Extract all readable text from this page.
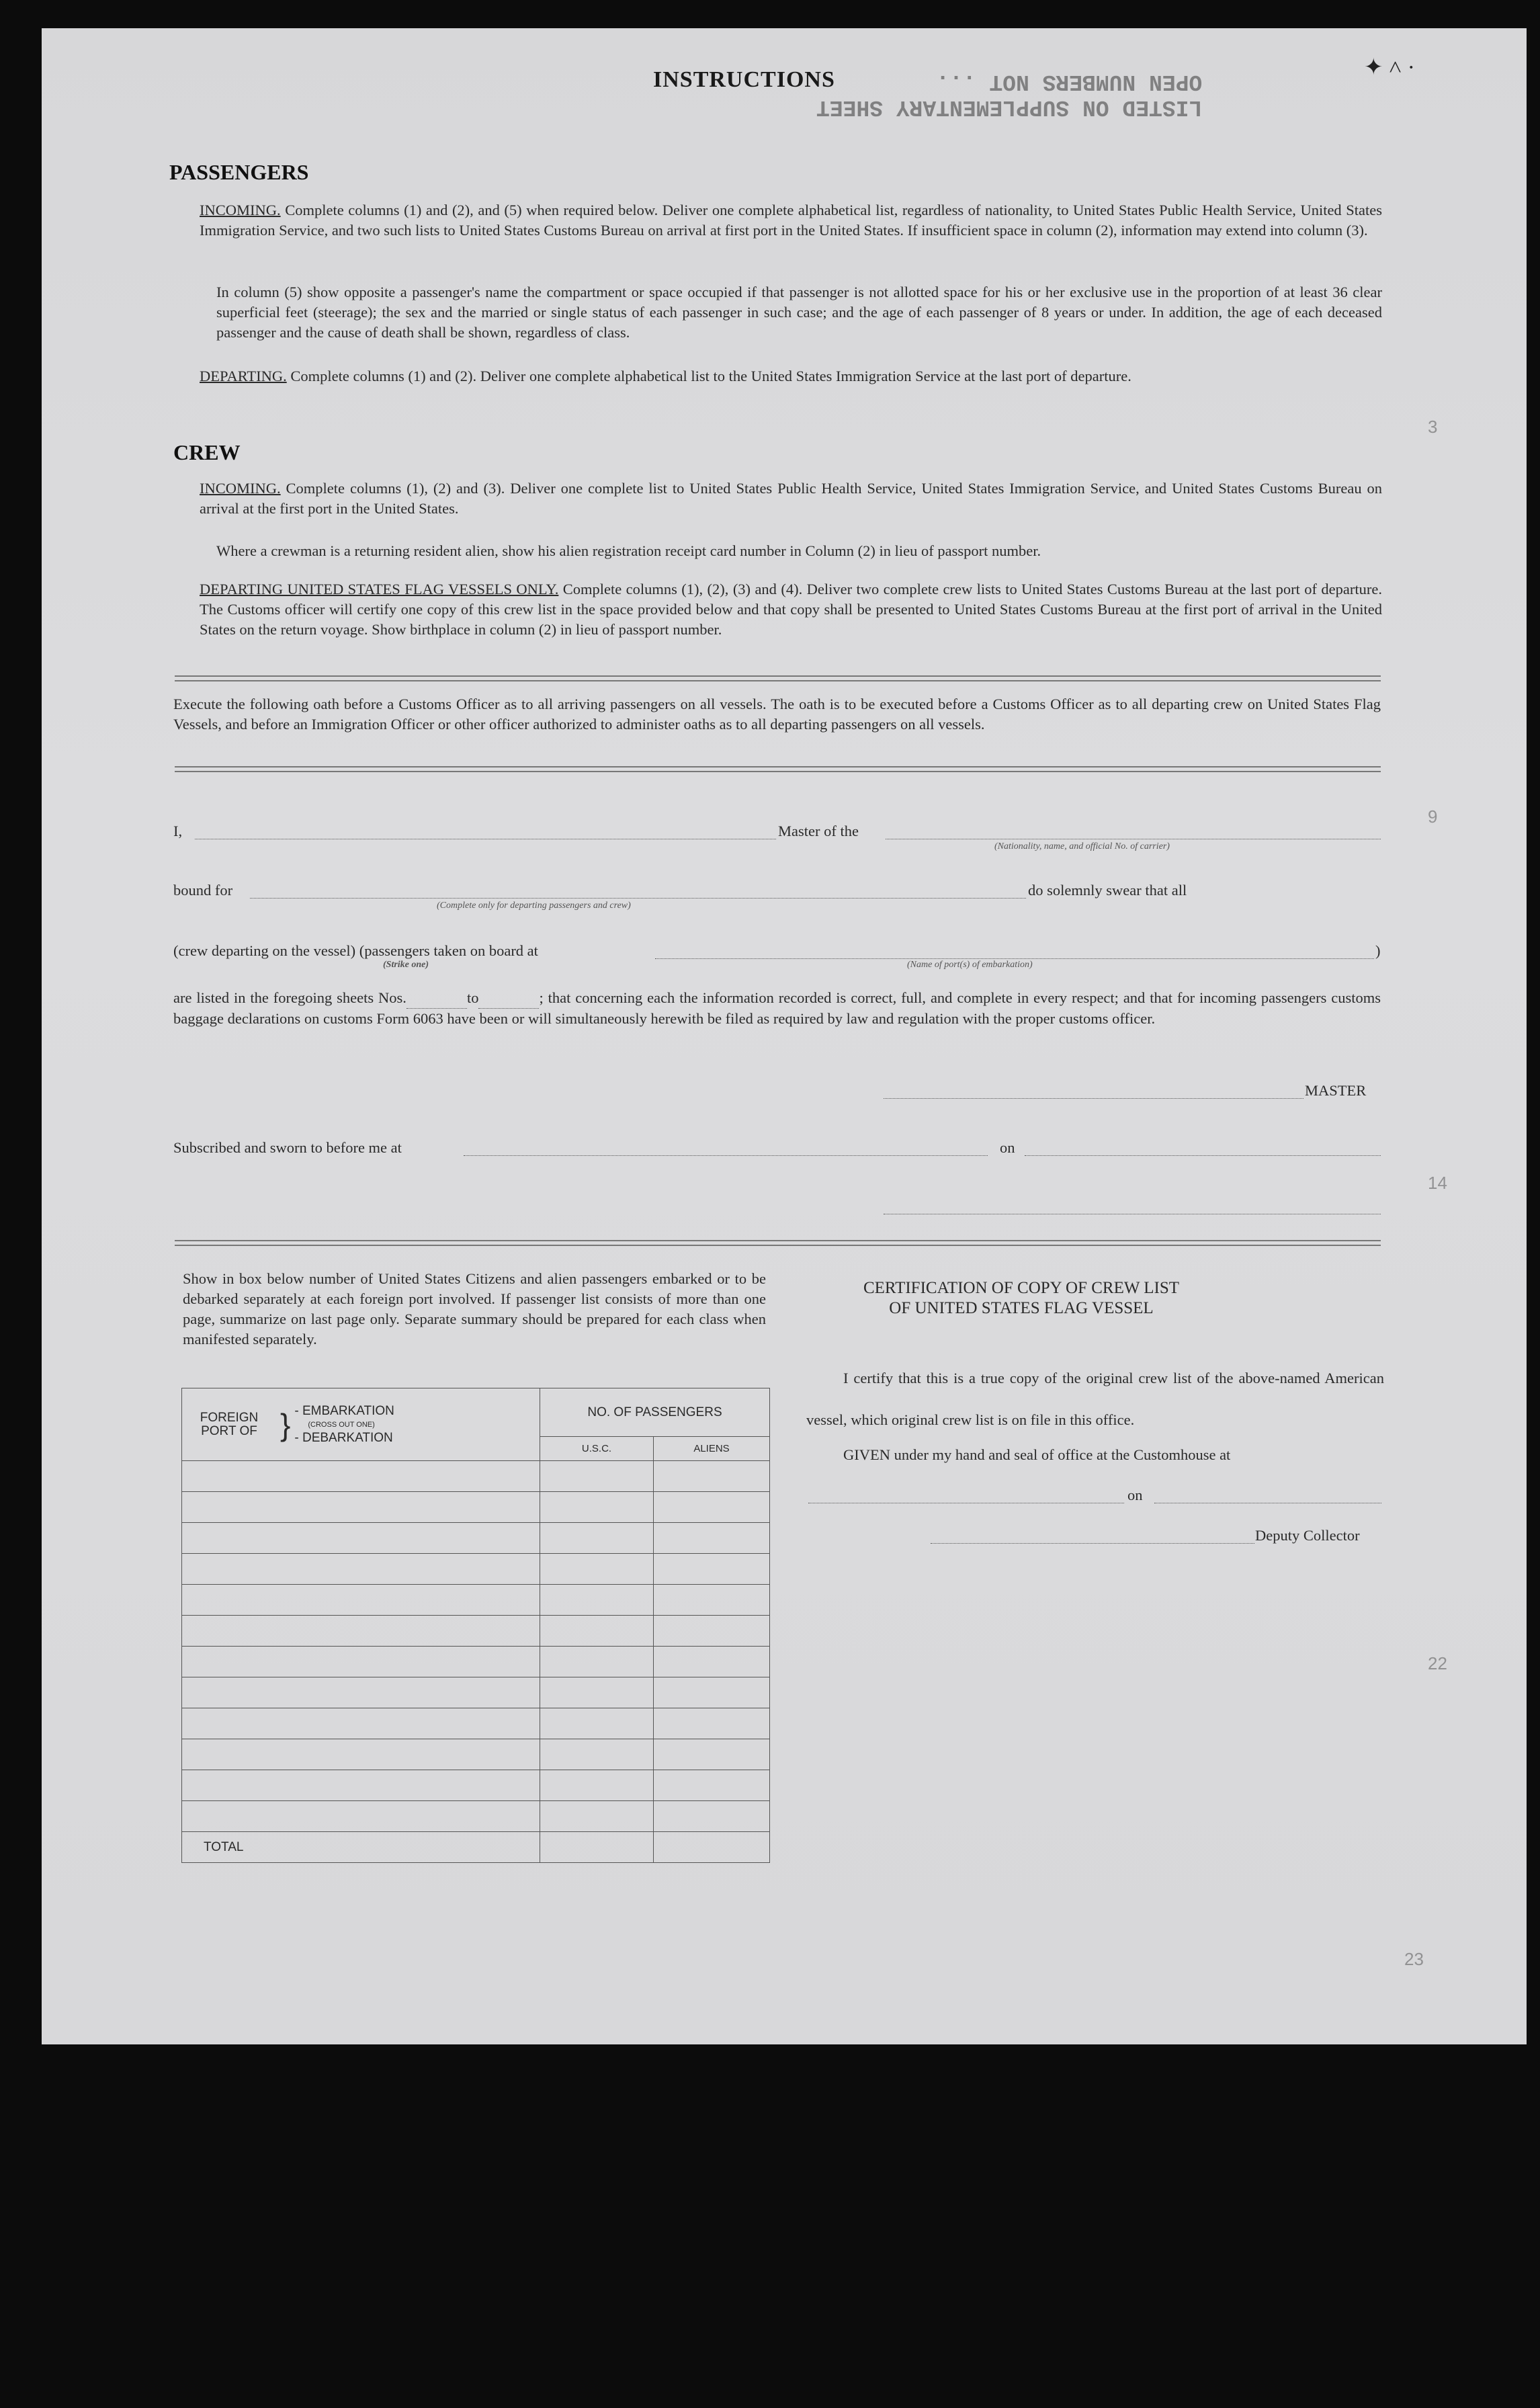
INSTRUCTIONS
LISTED ON SUPPLEMENTARY SHEET
OPEN NUMBERS NOT ...
✦ ˄ ·
PASSENGERS
INCOMING. Complete columns (1) and (2), and (5) when required below. Deliver one complete alphabetical list, regardless of nationality, to United States Public Health Service, United States Immigration Service, and two such lists to United States Customs Bureau on arrival at first port in the United States. If insufficient space in column (2), information may extend into column (3).
In column (5) show opposite a passenger's name the compartment or space occupied if that passenger is not allotted space for his or her exclusive use in the proportion of at least 36 clear superficial feet (steerage); the sex and the married or single status of each passenger in such case; and the age of each passenger of 8 years or under. In addition, the age of each deceased passenger and the cause of death shall be shown, regardless of class.
DEPARTING. Complete columns (1) and (2). Deliver one complete alphabetical list to the United States Immigration Service at the last port of departure.
CREW
INCOMING. Complete columns (1), (2) and (3). Deliver one complete list to United States Public Health Service, United States Immigration Service, and United States Customs Bureau on arrival at the first port in the United States.
Where a crewman is a returning resident alien, show his alien registration receipt card number in Column (2) in lieu of passport number.
DEPARTING UNITED STATES FLAG VESSELS ONLY. Complete columns (1), (2), (3) and (4). Deliver two complete crew lists to United States Customs Bureau at the last port of departure. The Customs officer will certify one copy of this crew list in the space provided below and that copy shall be presented to United States Customs Bureau at the first port of arrival in the United States on the return voyage. Show birthplace in column (2) in lieu of passport number.
Execute the following oath before a Customs Officer as to all arriving passengers on all vessels. The oath is to be executed before a Customs Officer as to all departing crew on United States Flag Vessels, and before an Immigration Officer or other officer authorized to administer oaths as to all departing passengers on all vessels.
I,	Master of the
(Nationality, name, and official No. of carrier)
bound for
(Complete only for departing passengers and crew)
do solemnly swear that all
(crew departing on the vessel) (passengers taken on board at	)
(Strike one)	(Name of port(s) of embarkation)
are listed in the foregoing sheets Nos.	to	; that concerning each the information recorded is correct, full, and complete in every respect; and that for incoming passengers customs baggage declarations on customs Form 6063 have been or will simultaneously herewith be filed as required by law and regulation with the proper customs officer.
MASTER
Subscribed and sworn to before me at	on
Show in box below number of United States Citizens and alien passengers embarked or to be debarked separately at each foreign port involved. If passenger list consists of more than one page, summarize on last page only. Separate summary should be prepared for each class when manifested separately.
FOREIGN PORT OF } - EMBARKATION
(CROSS OUT ONE)
- DEBARKATION	NO. OF PASSENGERS	
	U.S.C.	ALIENS

TOTAL		
CERTIFICATION OF COPY OF CREW LIST
OF UNITED STATES FLAG VESSEL
I certify that this is a true copy of the original crew list of the above-named American vessel, which original crew list is on file in this office.
GIVEN under my hand and seal of office at the Customhouse at
on
Deputy Collector
3
9
14
22
23
